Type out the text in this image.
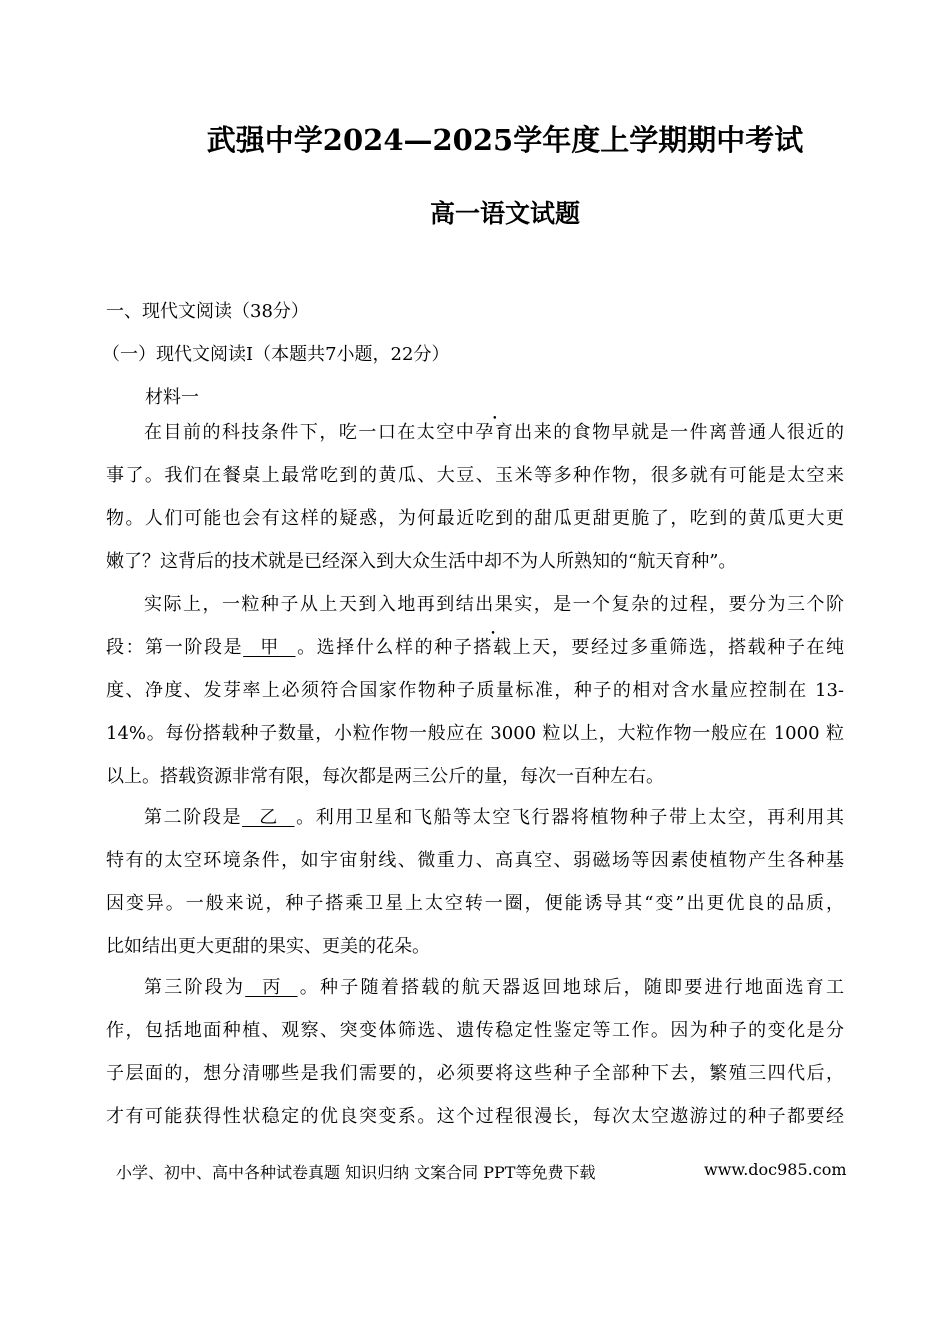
武强中学2024—2025学年度上学期期中考试
高一语文试题
一、现代文阅读（38分）
（一）现代文阅读Ⅰ（本题共7小题，22分）
材料一
在目前的科技条件下，吃一口在太空中孕育出来的食物早就是一件离普通人很近的
事了。我们在餐桌上最常吃到的黄瓜、大豆、玉米等多种作物，很多就有可能是太空来
物。人们可能也会有这样的疑惑，为何最近吃到的甜瓜更甜更脆了，吃到的黄瓜更大更
嫩了？这背后的技术就是已经深入到大众生活中却不为人所熟知的“航天育种”。
实际上，一粒种子从上天到入地再到结出果实，是一个复杂的过程，要分为三个阶
段：第一阶段是   甲   。选择什么样的种子搭载上天，要经过多重筛选，搭载种子在纯
度、净度、发芽率上必须符合国家作物种子质量标准，种子的相对含水量应控制在 13-
14%。每份搭载种子数量，小粒作物一般应在 3000 粒以上，大粒作物一般应在 1000 粒
以上。搭载资源非常有限，每次都是两三公斤的量，每次一百种左右。
第二阶段是   乙   。利用卫星和飞船等太空飞行器将植物种子带上太空，再利用其
特有的太空环境条件，如宇宙射线、微重力、高真空、弱磁场等因素使植物产生各种基
因变异。一般来说，种子搭乘卫星上太空转一圈，便能诱导其“变”出更优良的品质，
比如结出更大更甜的果实、更美的花朵。
第三阶段为   丙   。种子随着搭载的航天器返回地球后，随即要进行地面选育工
作，包括地面种植、观察、突变体筛选、遗传稳定性鉴定等工作。因为种子的变化是分
子层面的，想分清哪些是我们需要的，必须要将这些种子全部种下去，繁殖三四代后，
才有可能获得性状稳定的优良突变系。这个过程很漫长，每次太空遨游过的种子都要经
小学、初中、高中各种试卷真题 知识归纳 文案合同 PPT等免费下载	www.doc985.com
